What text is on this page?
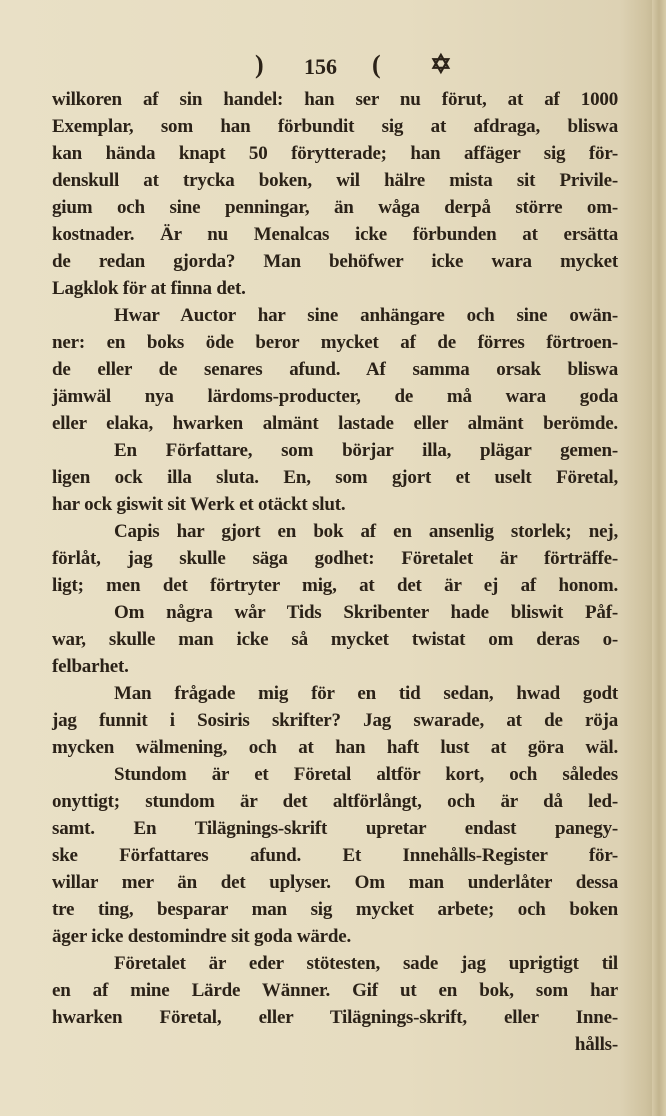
) 156 ( ✡
wilkoren af sin handel: han ser nu förut, at af 1000
Exemplar, som han förbundit sig at afdraga, bliswa
kan hända knapt 50 förytterade; han affäger sig för-
denskull at trycka boken, wil hälre mista sit Privile-
gium och sine penningar, än wåga derpå större om-
kostnader. Är nu Menalcas icke förbunden at ersätta
de redan gjorda? Man behöfwer icke wara mycket
Lagklok för at finna det.
Hwar Auctor har sine anhängare och sine owän-
ner: en boks öde beror mycket af de förres förtroen-
de eller de senares afund. Af samma orsak bliswa
jämwäl nya lärdoms-producter, de må wara goda
eller elaka, hwarken almänt lastade eller almänt berömde.
En Författare, som börjar illa, plägar gemen-
ligen ock illa sluta. En, som gjort et uselt Företal,
har ock giswit sit Werk et otäckt slut.
Capis har gjort en bok af en ansenlig storlek; nej,
förlåt, jag skulle säga godhet: Företalet är förträffe-
ligt; men det förtryter mig, at det är ej af honom.
Om några wår Tids Skribenter hade bliswit Påf-
war, skulle man icke så mycket twistat om deras o-
felbarhet.
Man frågade mig för en tid sedan, hwad godt
jag funnit i Sosiris skrifter? Jag swarade, at de röja
mycken wälmening, och at han haft lust at göra wäl.
Stundom är et Företal altför kort, och således
onyttigt; stundom är det altförlångt, och är då led-
samt. En Tilägnings-skrift upretar endast panegy-
ske Författares afund. Et Innehålls-Register för-
willar mer än det uplyser. Om man underlåter dessa
tre ting, besparar man sig mycket arbete; och boken
äger icke destomindre sit goda wärde.
Företalet är eder stötesten, sade jag uprigtigt til
en af mine Lärde Wänner. Gif ut en bok, som har
hwarken Företal, eller Tilägnings-skrift, eller Inne-
hålls-
